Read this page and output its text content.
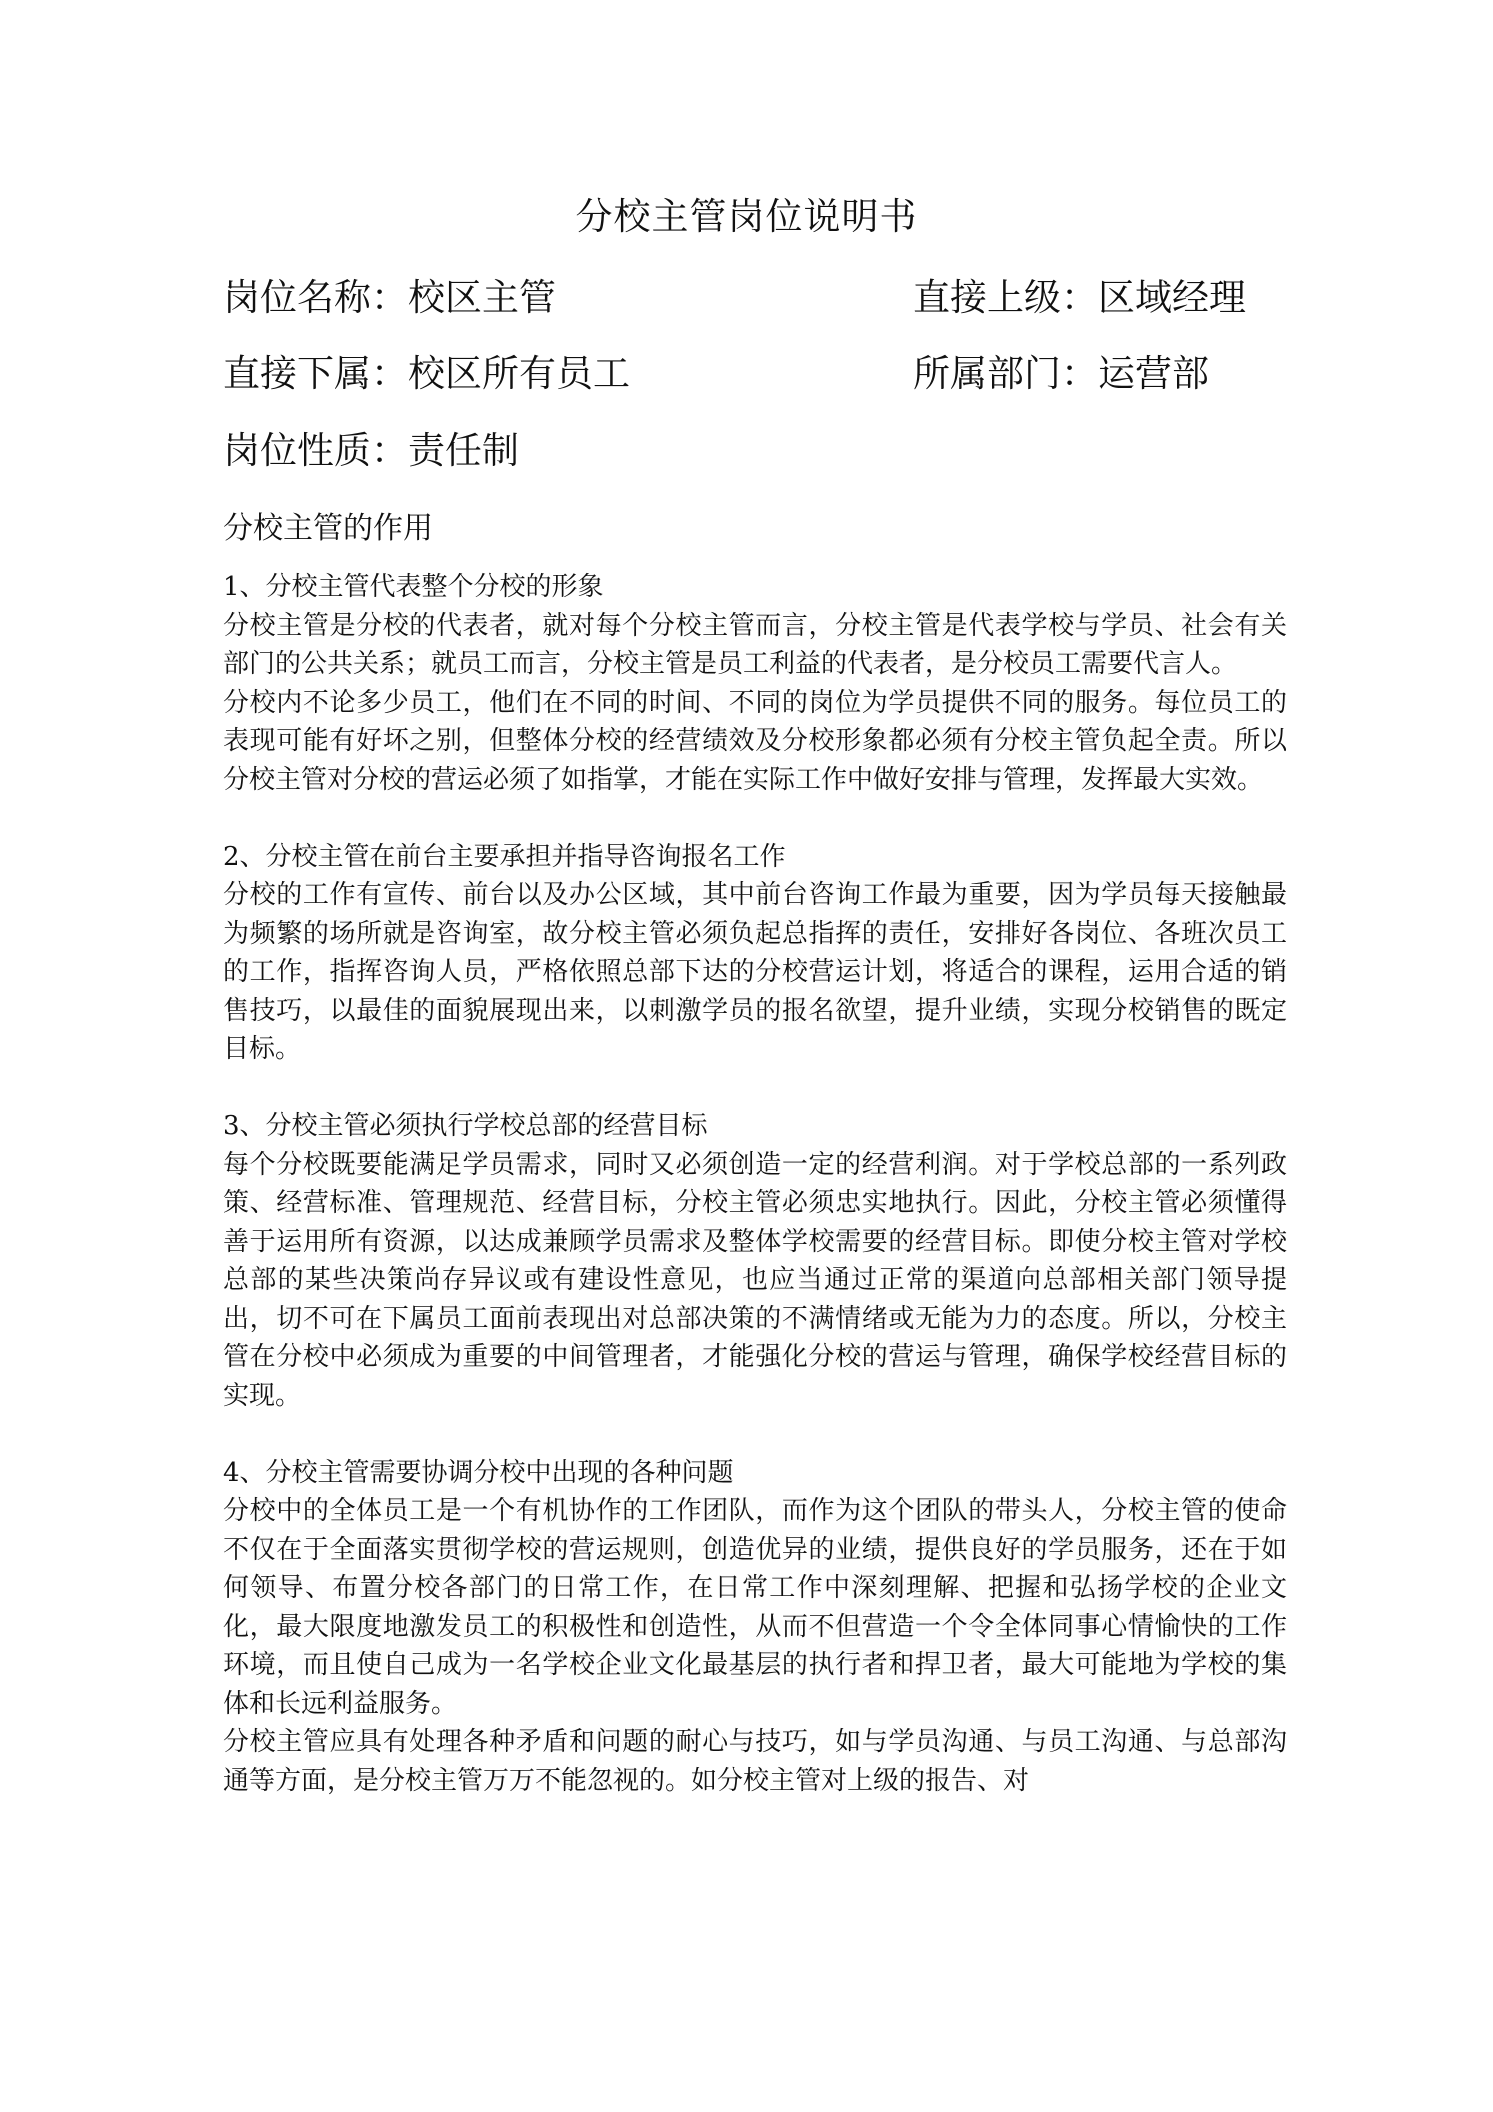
分校主管岗位说明书
岗位名称：校区主管	直接上级：区域经理
直接下属：校区所有员工	所属部门：运营部
岗位性质：责任制
分校主管的作用

1、分校主管代表整个分校的形象

分校主管是分校的代表者，就对每个分校主管而言，分校主管是代表学校与学员、社会有关部门的公共关系；就员工而言，分校主管是员工利益的代表者，是分校员工需要代言人。

分校内不论多少员工，他们在不同的时间、不同的岗位为学员提供不同的服务。每位员工的表现可能有好坏之别，但整体分校的经营绩效及分校形象都必须有分校主管负起全责。所以分校主管对分校的营运必须了如指掌，才能在实际工作中做好安排与管理，发挥最大实效。

2、分校主管在前台主要承担并指导咨询报名工作

分校的工作有宣传、前台以及办公区域，其中前台咨询工作最为重要，因为学员每天接触最为频繁的场所就是咨询室，故分校主管必须负起总指挥的责任，安排好各岗位、各班次员工的工作，指挥咨询人员，严格依照总部下达的分校营运计划，将适合的课程，运用合适的销售技巧，以最佳的面貌展现出来，以刺激学员的报名欲望，提升业绩，实现分校销售的既定目标。

3、分校主管必须执行学校总部的经营目标

每个分校既要能满足学员需求，同时又必须创造一定的经营利润。对于学校总部的一系列政策、经营标准、管理规范、经营目标，分校主管必须忠实地执行。因此，分校主管必须懂得善于运用所有资源，以达成兼顾学员需求及整体学校需要的经营目标。即使分校主管对学校总部的某些决策尚存异议或有建设性意见，也应当通过正常的渠道向总部相关部门领导提出，切不可在下属员工面前表现出对总部决策的不满情绪或无能为力的态度。所以，分校主管在分校中必须成为重要的中间管理者，才能强化分校的营运与管理，确保学校经营目标的实现。

4、分校主管需要协调分校中出现的各种问题

分校中的全体员工是一个有机协作的工作团队，而作为这个团队的带头人，分校主管的使命不仅在于全面落实贯彻学校的营运规则，创造优异的业绩，提供良好的学员服务，还在于如何领导、布置分校各部门的日常工作，在日常工作中深刻理解、把握和弘扬学校的企业文化，最大限度地激发员工的积极性和创造性，从而不但营造一个令全体同事心情愉快的工作环境，而且使自己成为一名学校企业文化最基层的执行者和捍卫者，最大可能地为学校的集体和长远利益服务。

分校主管应具有处理各种矛盾和问题的耐心与技巧，如与学员沟通、与员工沟通、与总部沟通等方面，是分校主管万万不能忽视的。如分校主管对上级的报告、对
